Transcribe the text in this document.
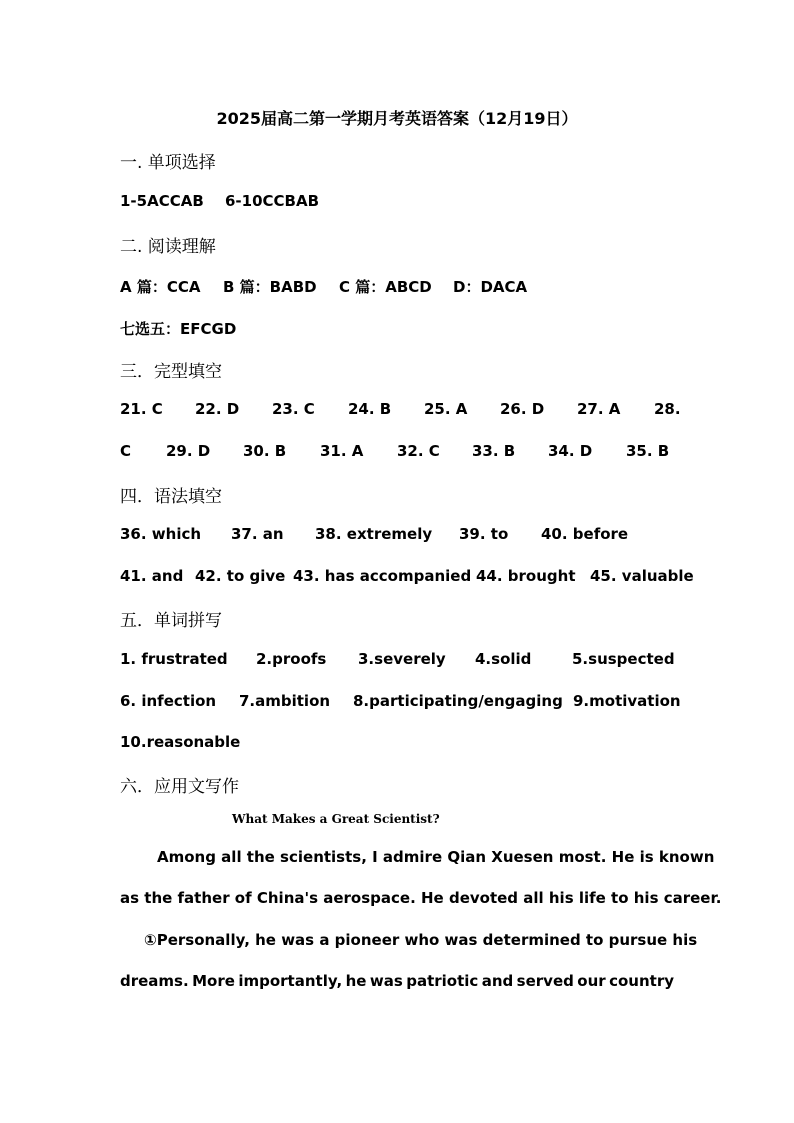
2025届高二第一学期月考英语答案（12月19日）
一. 单项选择
1-5ACCAB 6-10CCBAB
二. 阅读理解
A 篇：CCA B 篇：BABD C 篇：ABCD D：DACA
七选五：EFCGD
三．完型填空
21. C 22. D 23. C 24. B 25. A 26. D 27. A 28.
C 29. D 30. B 31. A 32. C 33. B 34. D 35. B
四．语法填空
36. which 37. an 38. extremely 39. to 40. before
41. and 42. to give 43. has accompanied 44. brought 45. valuable
五．单词拼写
1. frustrated 2.proofs 3.severely 4.solid	5.suspected
6. infection 7.ambition 8.participating/engaging 9.motivation
10.reasonable
六．应用文写作
What Makes a Great Scientist?
Among all the scientists, I admire Qian Xuesen most. He is known
as the father of China's aerospace. He devoted all his life to his career.
①Personally, he was a pioneer who was determined to pursue his
dreams. More importantly, he was patriotic and served our country
